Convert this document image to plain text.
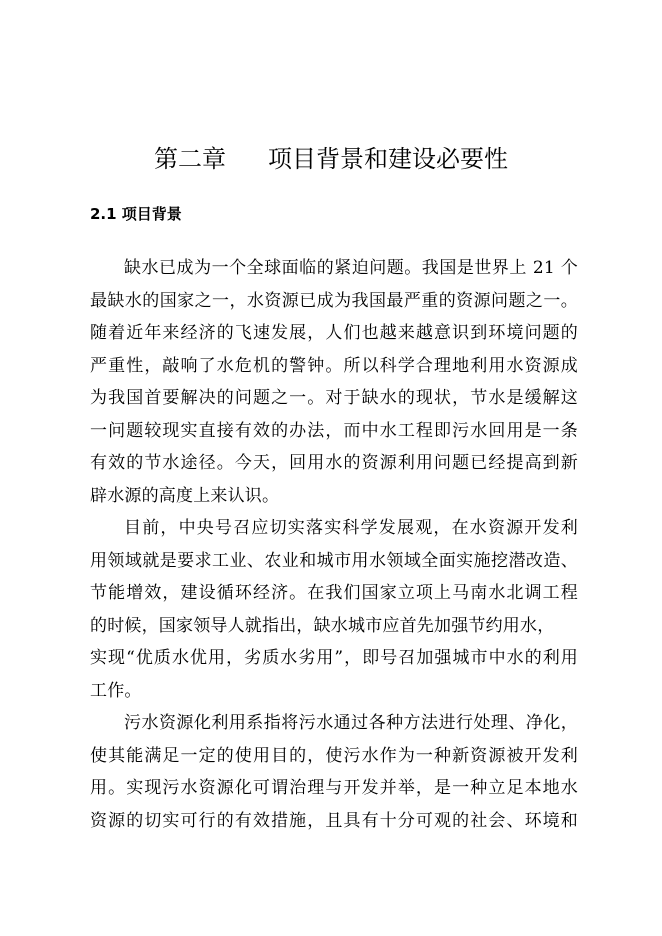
第二章 项目背景和建设必要性
2.1 项目背景
缺水已成为一个全球面临的紧迫问题。我国是世界上 21 个
最缺水的国家之一，水资源已成为我国最严重的资源问题之一。
随着近年来经济的飞速发展，人们也越来越意识到环境问题的
严重性，敲响了水危机的警钟。所以科学合理地利用水资源成
为我国首要解决的问题之一。对于缺水的现状，节水是缓解这
一问题较现实直接有效的办法，而中水工程即污水回用是一条
有效的节水途径。今天，回用水的资源利用问题已经提高到新
辟水源的高度上来认识。
目前，中央号召应切实落实科学发展观，在水资源开发利
用领域就是要求工业、农业和城市用水领域全面实施挖潜改造、
节能增效，建设循环经济。在我们国家立项上马南水北调工程
的时候，国家领导人就指出，缺水城市应首先加强节约用水，
实现“优质水优用，劣质水劣用”，即号召加强城市中水的利用
工作。
污水资源化利用系指将污水通过各种方法进行处理、净化，
使其能满足一定的使用目的，使污水作为一种新资源被开发利
用。实现污水资源化可谓治理与开发并举，是一种立足本地水
资源的切实可行的有效措施，且具有十分可观的社会、环境和
